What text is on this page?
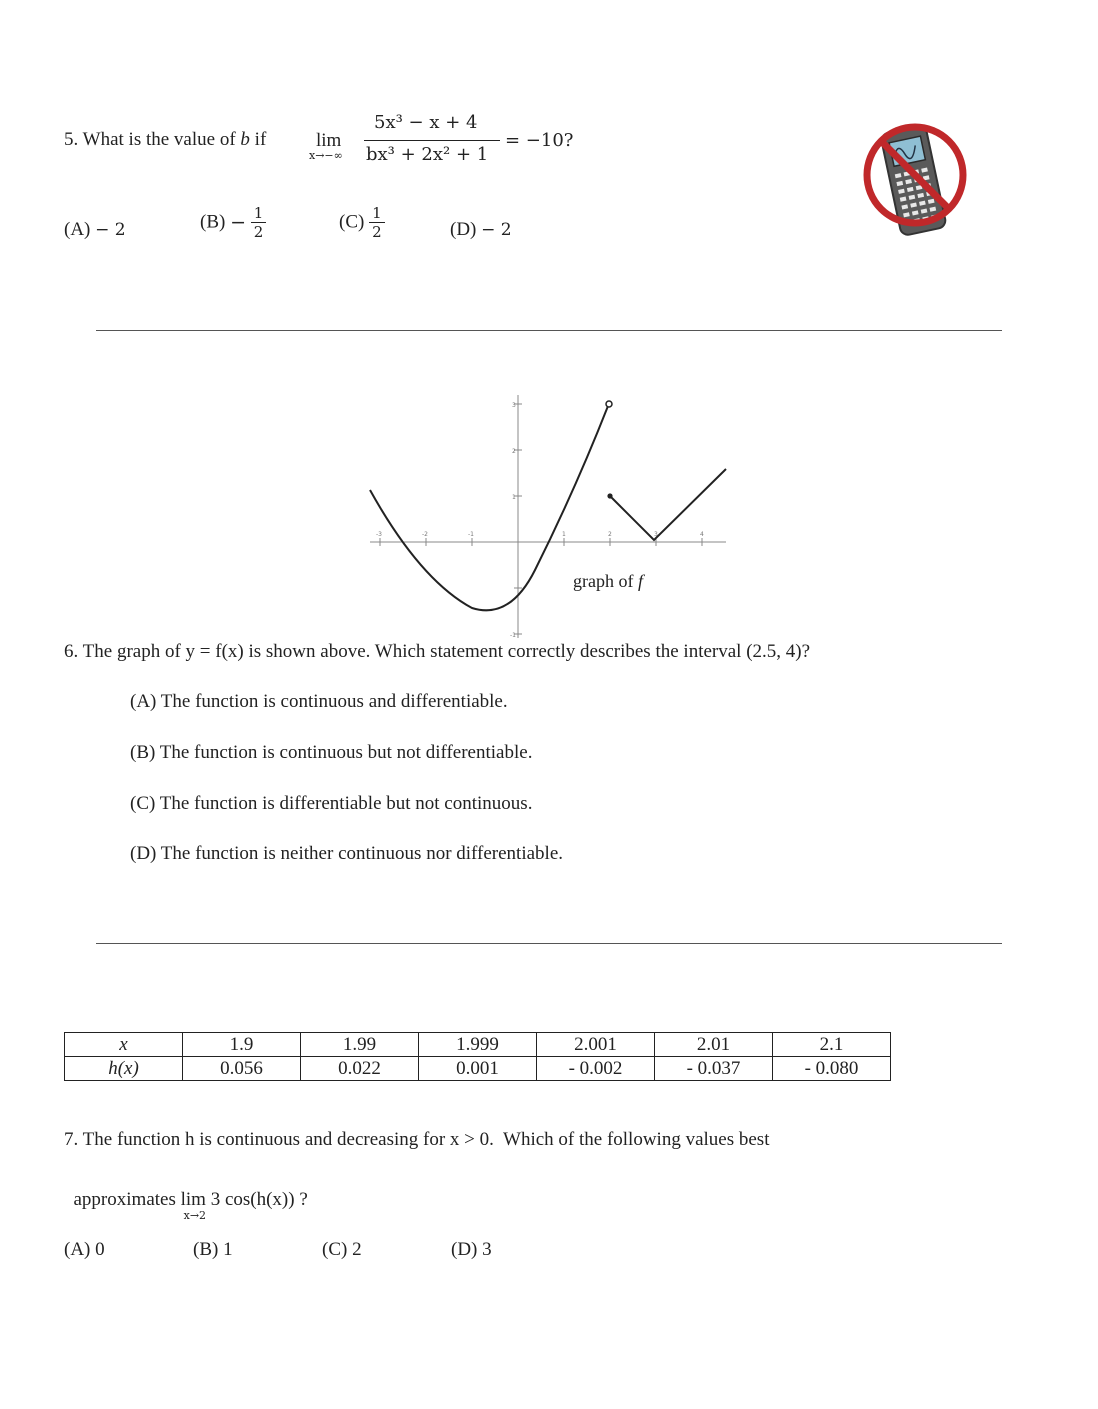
5. What is the value of b if	lim
x→−∞
5x³ − x + 4
bx³ + 2x² + 1
= −10?
(A) − 2	$(B) - \frac{1}{2}$	$(C) \frac{1}{2}$	(D) − 2
-3	-2	-1	1	2	3	4
3
2
1
-1
graph of f
6. The graph of y = f(x) is shown above. Which statement correctly describes the interval (2.5, 4)?
(A) The function is continuous and differentiable.
(B) The function is continuous but not differentiable.
(C) The function is differentiable but not continuous.
(D) The function is neither continuous nor differentiable.
x	1.9	1.99	1.999	2.001	2.01	2.1
h(x)	0.056	0.022	0.001	- 0.002	- 0.037	- 0.080
7. The function h is continuous and decreasing for x > 0.  Which of the following values best

approximates lim
x→2
3 cos(h(x)) ?

(A) 0	(B) 1	(C) 2	(D) 3
